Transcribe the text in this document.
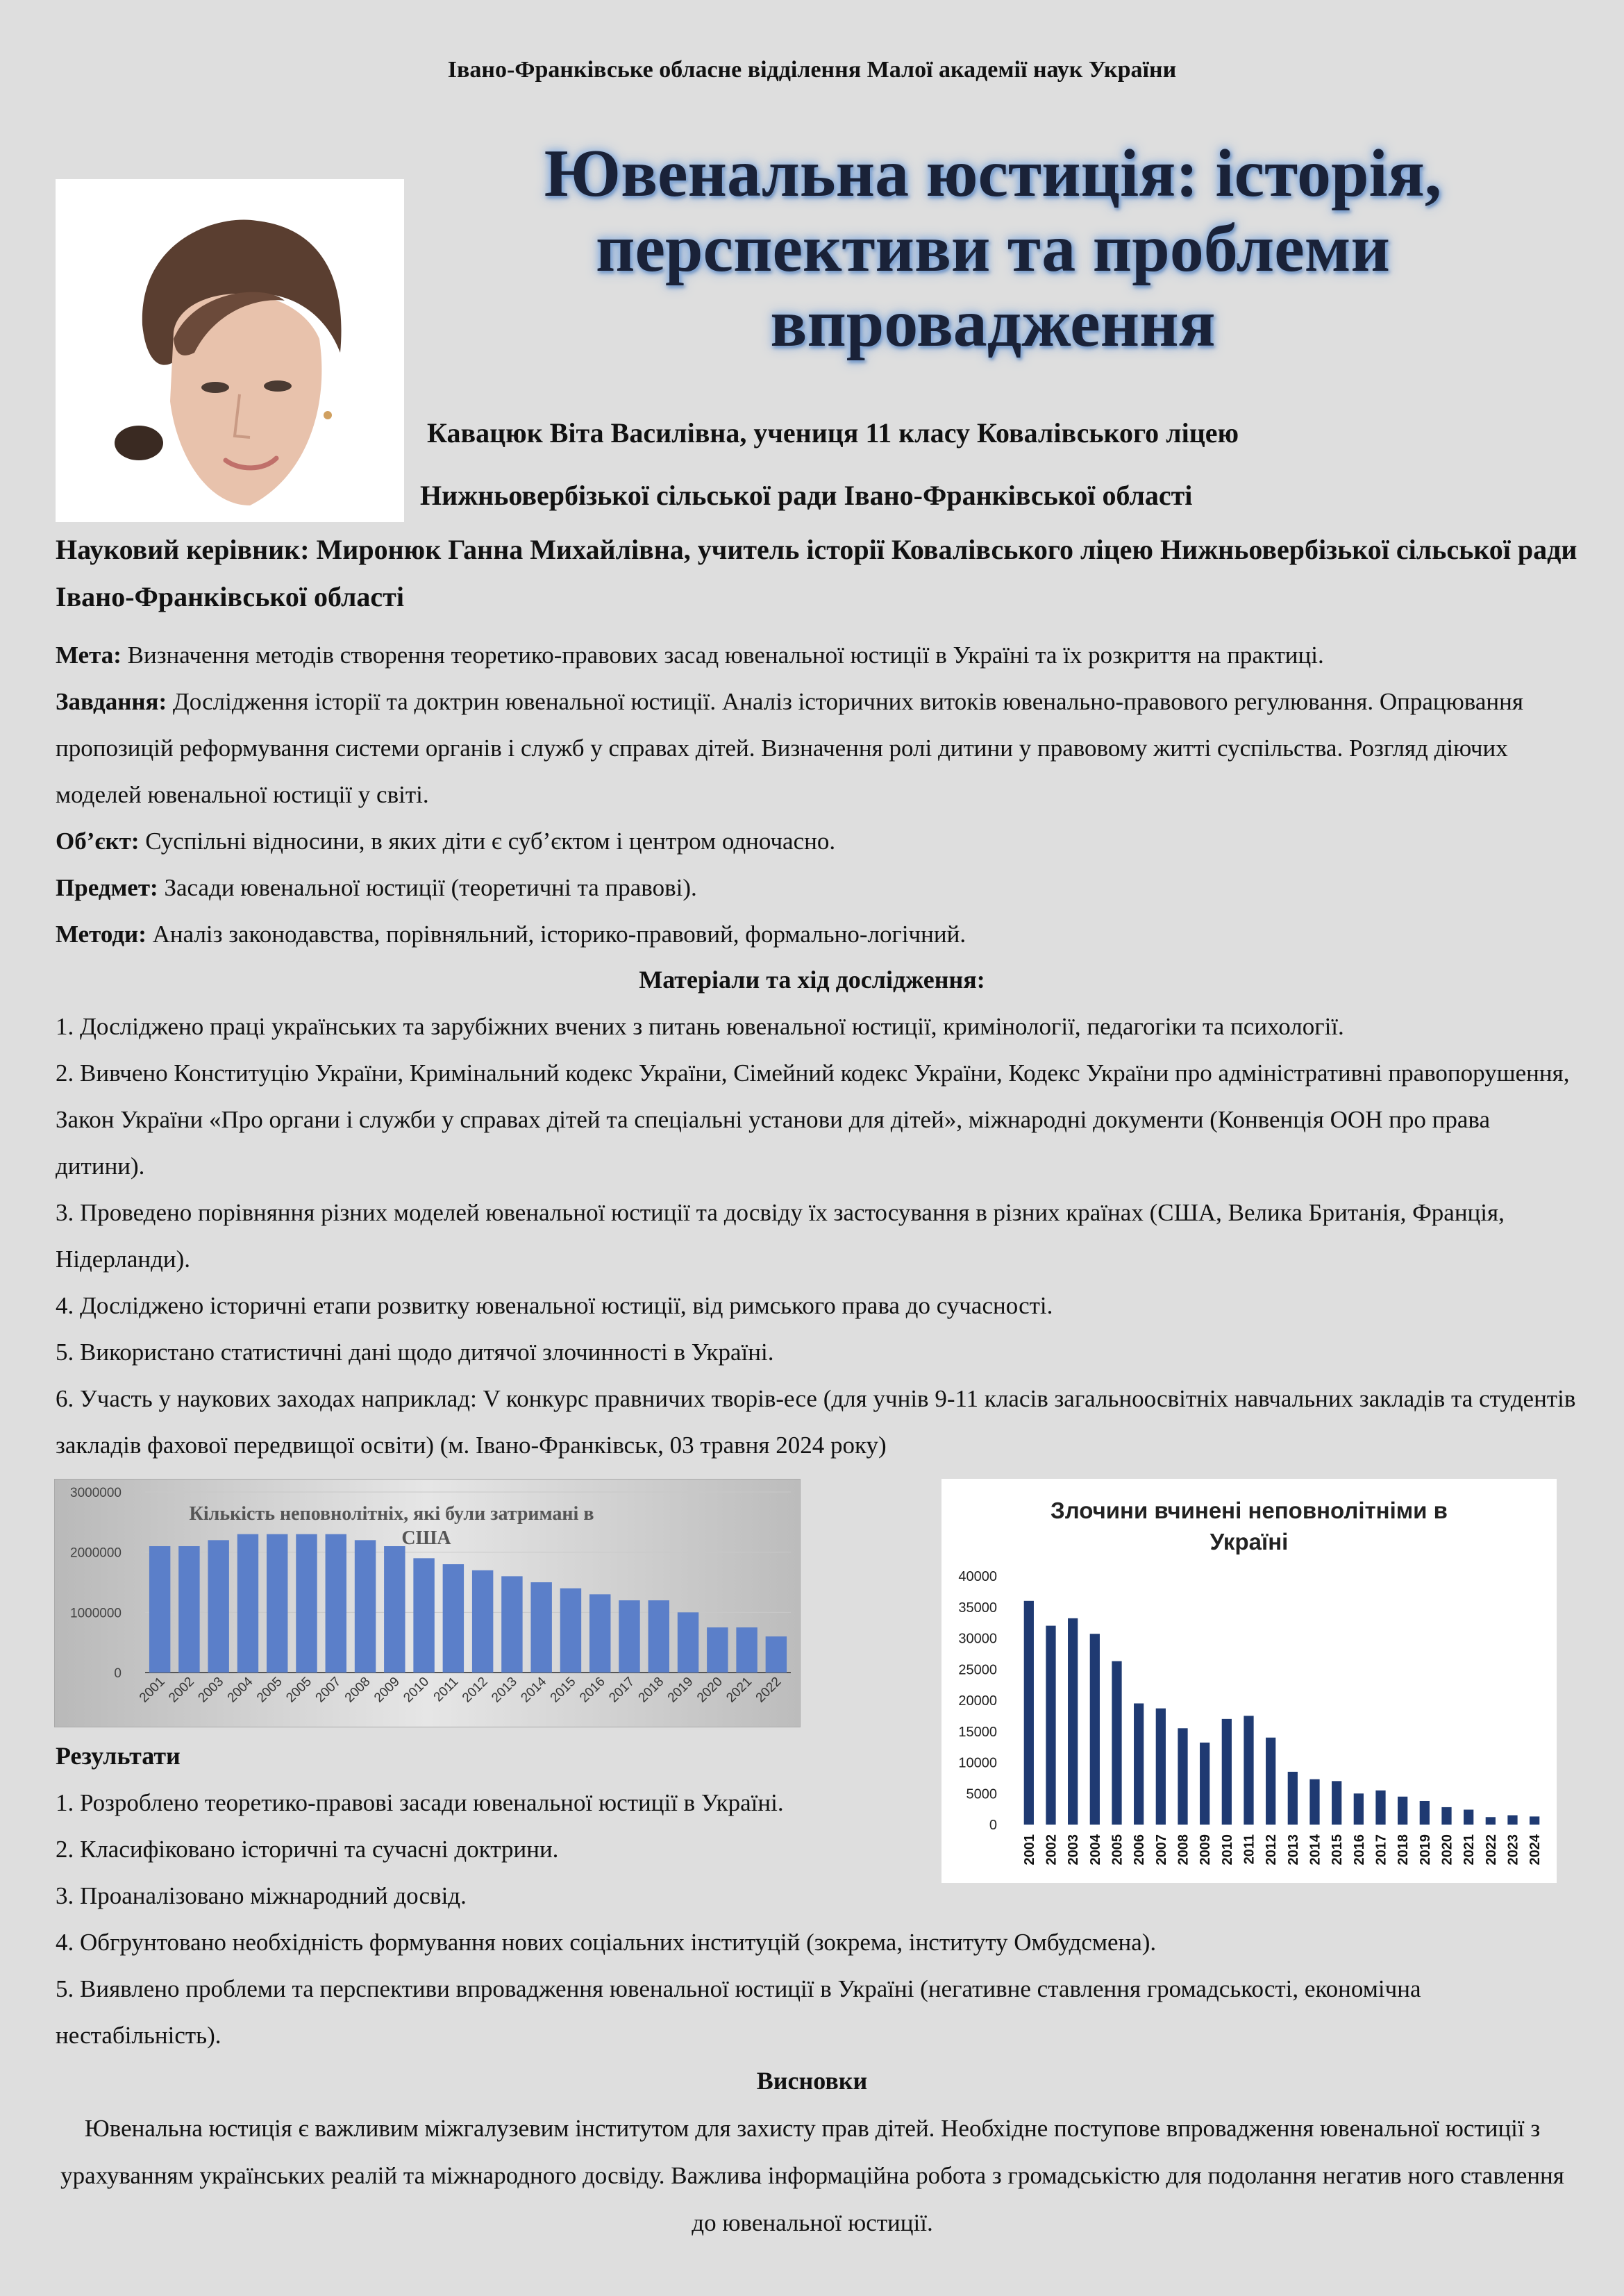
Івано-Франківське обласне відділення Малої академії наук України
Ювенальна юстиція: історія,
перспективи та проблеми
впровадження
Кавацюк Віта Василівна, учениця 11 класу Ковалівського ліцею
Нижньовербізької сільської ради Івано-Франківської області
Науковий керівник: Миронюк Ганна Михайлівна, учитель історії Ковалівського ліцею Нижньовербізької сільської ради Івано-Франківської області
Мета: Визначення методів створення теоретико-правових засад ювенальної юстиції в Україні та їх розкриття на практиці.
Завдання: Дослідження історії та доктрин ювенальної юстиції. Аналіз історичних витоків ювенально-правового регулювання. Опрацювання пропозицій реформування системи органів і служб у справах дітей. Визначення ролі дитини у правовому житті суспільства. Розгляд діючих моделей ювенальної юстиції у світі.
Об’єкт: Суспільні відносини, в яких діти є суб’єктом і центром одночасно.
Предмет: Засади ювенальної юстиції (теоретичні та правові).
Методи: Аналіз законодавства, порівняльний, історико-правовий, формально-логічний.
Матеріали та хід дослідження:
1. Досліджено праці українських та зарубіжних вчених з питань ювенальної юстиції, кримінології, педагогіки та психології.
2. Вивчено Конституцію України, Кримінальний кодекс України, Сімейний кодекс України, Кодекс України про адміністративні правопорушення, Закон України «Про органи і служби у справах дітей та спеціальні установи для дітей», міжнародні документи (Конвенція ООН про права дитини).
3. Проведено порівняння різних моделей ювенальної юстиції та досвіду їх застосування в різних країнах (США, Велика Британія, Франція, Нідерланди).
4. Досліджено історичні етапи розвитку ювенальної юстиції, від римського права до сучасності.
5. Використано статистичні дані щодо дитячої злочинності в Україні.
6. Участь у наукових заходах наприклад: V конкурс правничих творів-есе (для учнів 9-11 класів загальноосвітніх навчальних закладів та студентів закладів фахової передвищої освіти) (м. Івано-Франківськ, 03 травня 2024 року)
0
1000000
2000000
3000000
2001
2002
2003
2004
2005
2005
2007
2008
2009
2010
2011
2012
2013
2014
2015
2016
2017
2018
2019
2020
2021
2022
Кількість неповнолітніх, які були затримані в
США
Злочини вчинені неповнолітніми в
Україні
0
5000
10000
15000
20000
25000
30000
35000
40000
2001 2002 2003 2004 2005 2006 2007 2008 2009 2010 2011 2012 2013 2014 2015 2016 2017 2018 2019 2020 2021 2022 2023 2024
Результати
1. Розроблено теоретико-правові засади ювенальної юстиції в Україні.
2. Класифіковано історичні та сучасні доктрини.
3. Проаналізовано міжнародний досвід.
4. Обгрунтовано необхідність формування нових соціальних інституцій (зокрема, інституту Омбудсмена).
5. Виявлено проблеми та перспективи впровадження ювенальної юстиції в Україні (негативне ставлення громадськості, економічна нестабільність).
Висновки
Ювенальна юстиція є важливим міжгалузевим інститутом для захисту прав дітей. Необхідне поступове впровадження ювенальної юстиції з урахуванням українських реалій та міжнародного досвіду. Важлива інформаційна робота з громадськістю для подолання негатив ного ставлення до ювенальної юстиції.
